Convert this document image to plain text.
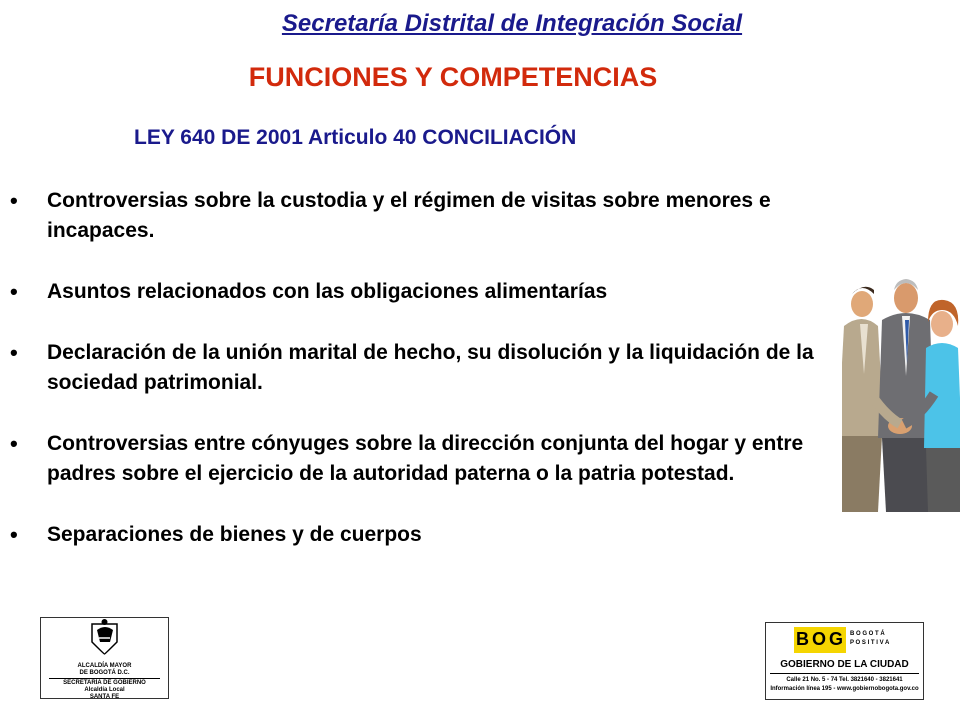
Secretaría Distrital de Integración Social
FUNCIONES Y COMPETENCIAS
LEY 640 DE 2001 Articulo 40 CONCILIACIÓN
• Controversias sobre la custodia y el régimen de visitas sobre menores e incapaces.
• Asuntos relacionados con las obligaciones alimentarías
• Declaración de la unión marital de hecho, su disolución y la liquidación de la sociedad patrimonial.
• Controversias entre cónyuges sobre la dirección conjunta del hogar y entre padres sobre el ejercicio de la autoridad paterna o la patria potestad.
• Separaciones de bienes y de cuerpos
ALCALDÍA MAYOR
DE BOGOTÁ D.C.
SECRETARÍA DE GOBIERNO
Alcaldía Local
SANTA FE
B O G B O G O T Á
P O S I T I V A
GOBIERNO DE LA CIUDAD
Calle 21 No. 5 - 74 Tel. 3821640 - 3821641
Información línea 195 - www.gobiernobogota.gov.co
